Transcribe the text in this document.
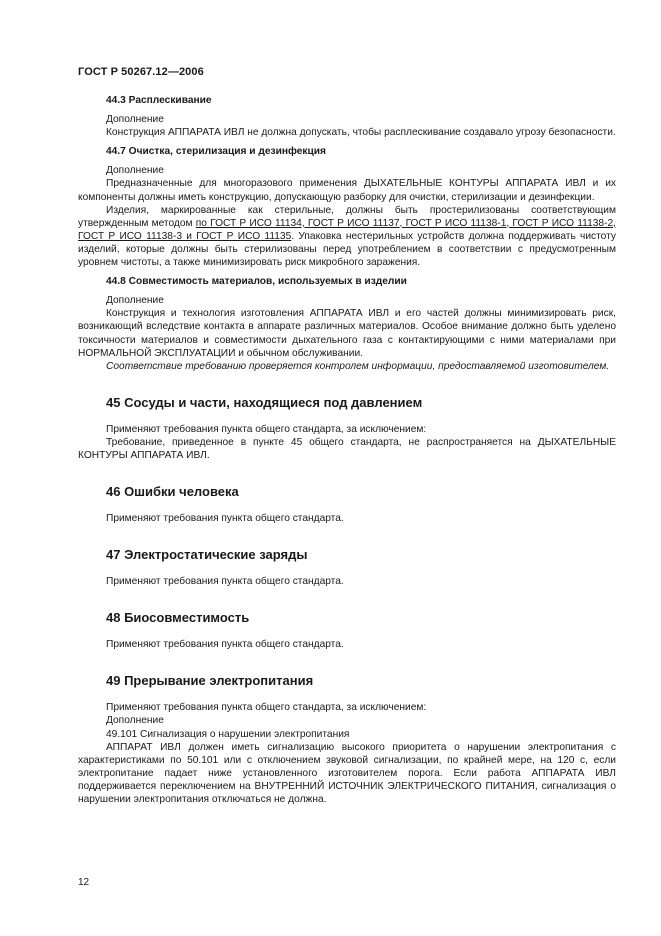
ГОСТ Р 50267.12—2006
44.3 Расплескивание

Дополнение

Конструкция АППАРАТА ИВЛ не должна допускать, чтобы расплескивание создавало угрозу безопасности.

44.7 Очистка, стерилизация и дезинфекция

Дополнение

Предназначенные для многоразового применения ДЫХАТЕЛЬНЫЕ КОНТУРЫ АППАРАТА ИВЛ и их компоненты должны иметь конструкцию, допускающую разборку для очистки, стерилизации и дезинфекции.

Изделия, маркированные как стерильные, должны быть простерилизованы соответствующим утвержденным методом по ГОСТ Р ИСО 11134, ГОСТ Р ИСО 11137, ГОСТ Р ИСО 11138-1, ГОСТ Р ИСО 11138-2, ГОСТ Р ИСО 11138-3 и ГОСТ Р ИСО 11135. Упаковка нестерильных устройств должна поддерживать чистоту изделий, которые должны быть стерилизованы перед употреблением в соответствии с предусмотренным уровнем чистоты, а также минимизировать риск микробного заражения.

44.8 Совместимость материалов, используемых в изделии

Дополнение

Конструкция и технология изготовления АППАРАТА ИВЛ и его частей должны минимизировать риск, возникающий вследствие контакта в аппарате различных материалов. Особое внимание должно быть уделено токсичности материалов и совместимости дыхательного газа с контактирующими с ними материалами при НОРМАЛЬНОЙ ЭКСПЛУАТАЦИИ и обычном обслуживании.

Соответствие требованию проверяется контролем информации, предоставляемой изготовителем.

45 Сосуды и части, находящиеся под давлением

Применяют требования пункта общего стандарта, за исключением:

Требование, приведенное в пункте 45 общего стандарта, не распространяется на ДЫХАТЕЛЬНЫЕ КОНТУРЫ АППАРАТА ИВЛ.

46 Ошибки человека

Применяют требования пункта общего стандарта.

47 Электростатические заряды

Применяют требования пункта общего стандарта.

48 Биосовместимость

Применяют требования пункта общего стандарта.

49 Прерывание электропитания

Применяют требования пункта общего стандарта, за исключением:

Дополнение

49.101 Сигнализация о нарушении электропитания

АППАРАТ ИВЛ должен иметь сигнализацию высокого приоритета о нарушении электропитания с характеристиками по 50.101 или с отключением звуковой сигнализации, по крайней мере, на 120 с, если электропитание падает ниже установленного изготовителем порога. Если работа АППАРАТА ИВЛ поддерживается переключением на ВНУТРЕННИЙ ИСТОЧНИК ЭЛЕКТРИЧЕСКОГО ПИТАНИЯ, сигнализация о нарушении электропитания отключаться не должна.

12
